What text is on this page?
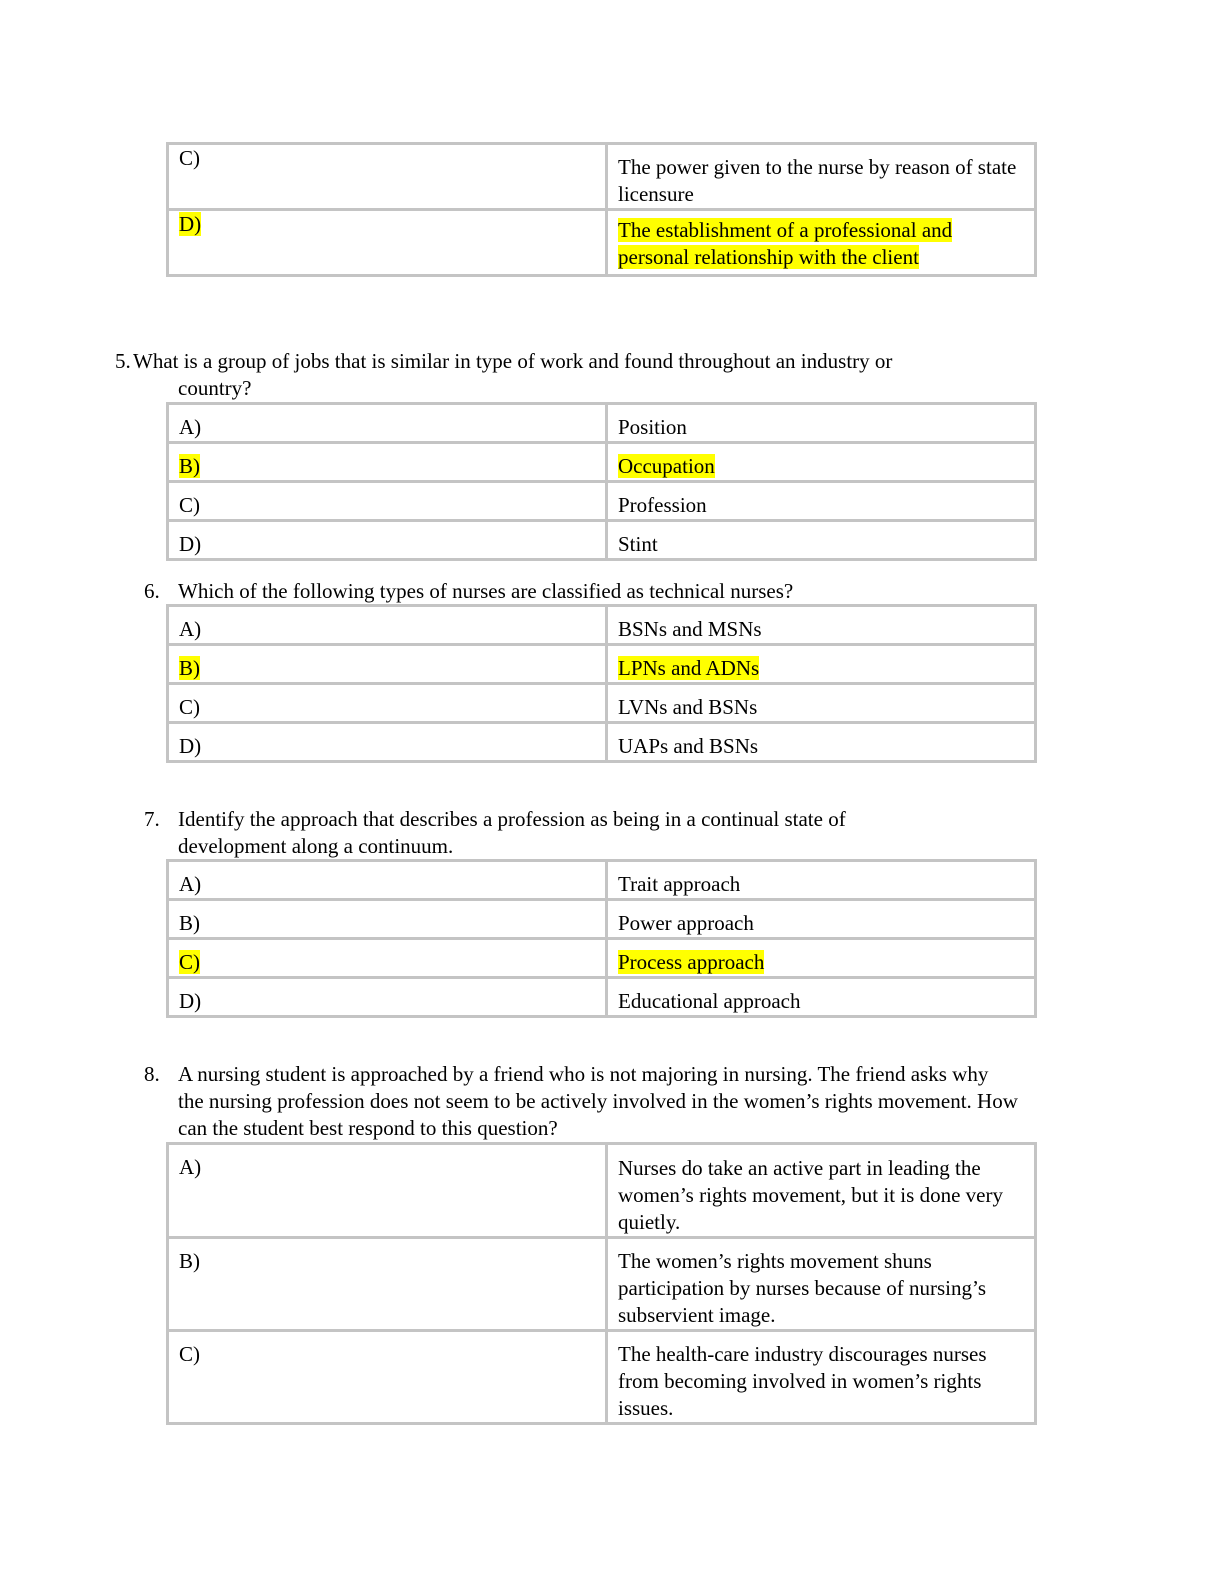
C)	The power given to the nurse by reason of state licensure
D)	The establishment of a professional and personal relationship with the client
5. What is a group of jobs that is similar in type of work and found throughout an industry or
country?
A)	Position
B)	Occupation
C)	Profession
D)	Stint
6. Which of the following types of nurses are classified as technical nurses?
A)	BSNs and MSNs
B)	LPNs and ADNs
C)	LVNs and BSNs
D)	UAPs and BSNs
7. Identify the approach that describes a profession as being in a continual state of development along a continuum.
A)	Trait approach
B)	Power approach
C)	Process approach
D)	Educational approach
8. A nursing student is approached by a friend who is not majoring in nursing. The friend asks why the nursing profession does not seem to be actively involved in the women’s rights movement. How can the student best respond to this question?
A)	Nurses do take an active part in leading the women’s rights movement, but it is done very quietly.
B)	The women’s rights movement shuns participation by nurses because of nursing’s subservient image.
C)	The health-care industry discourages nurses from becoming involved in women’s rights issues.
